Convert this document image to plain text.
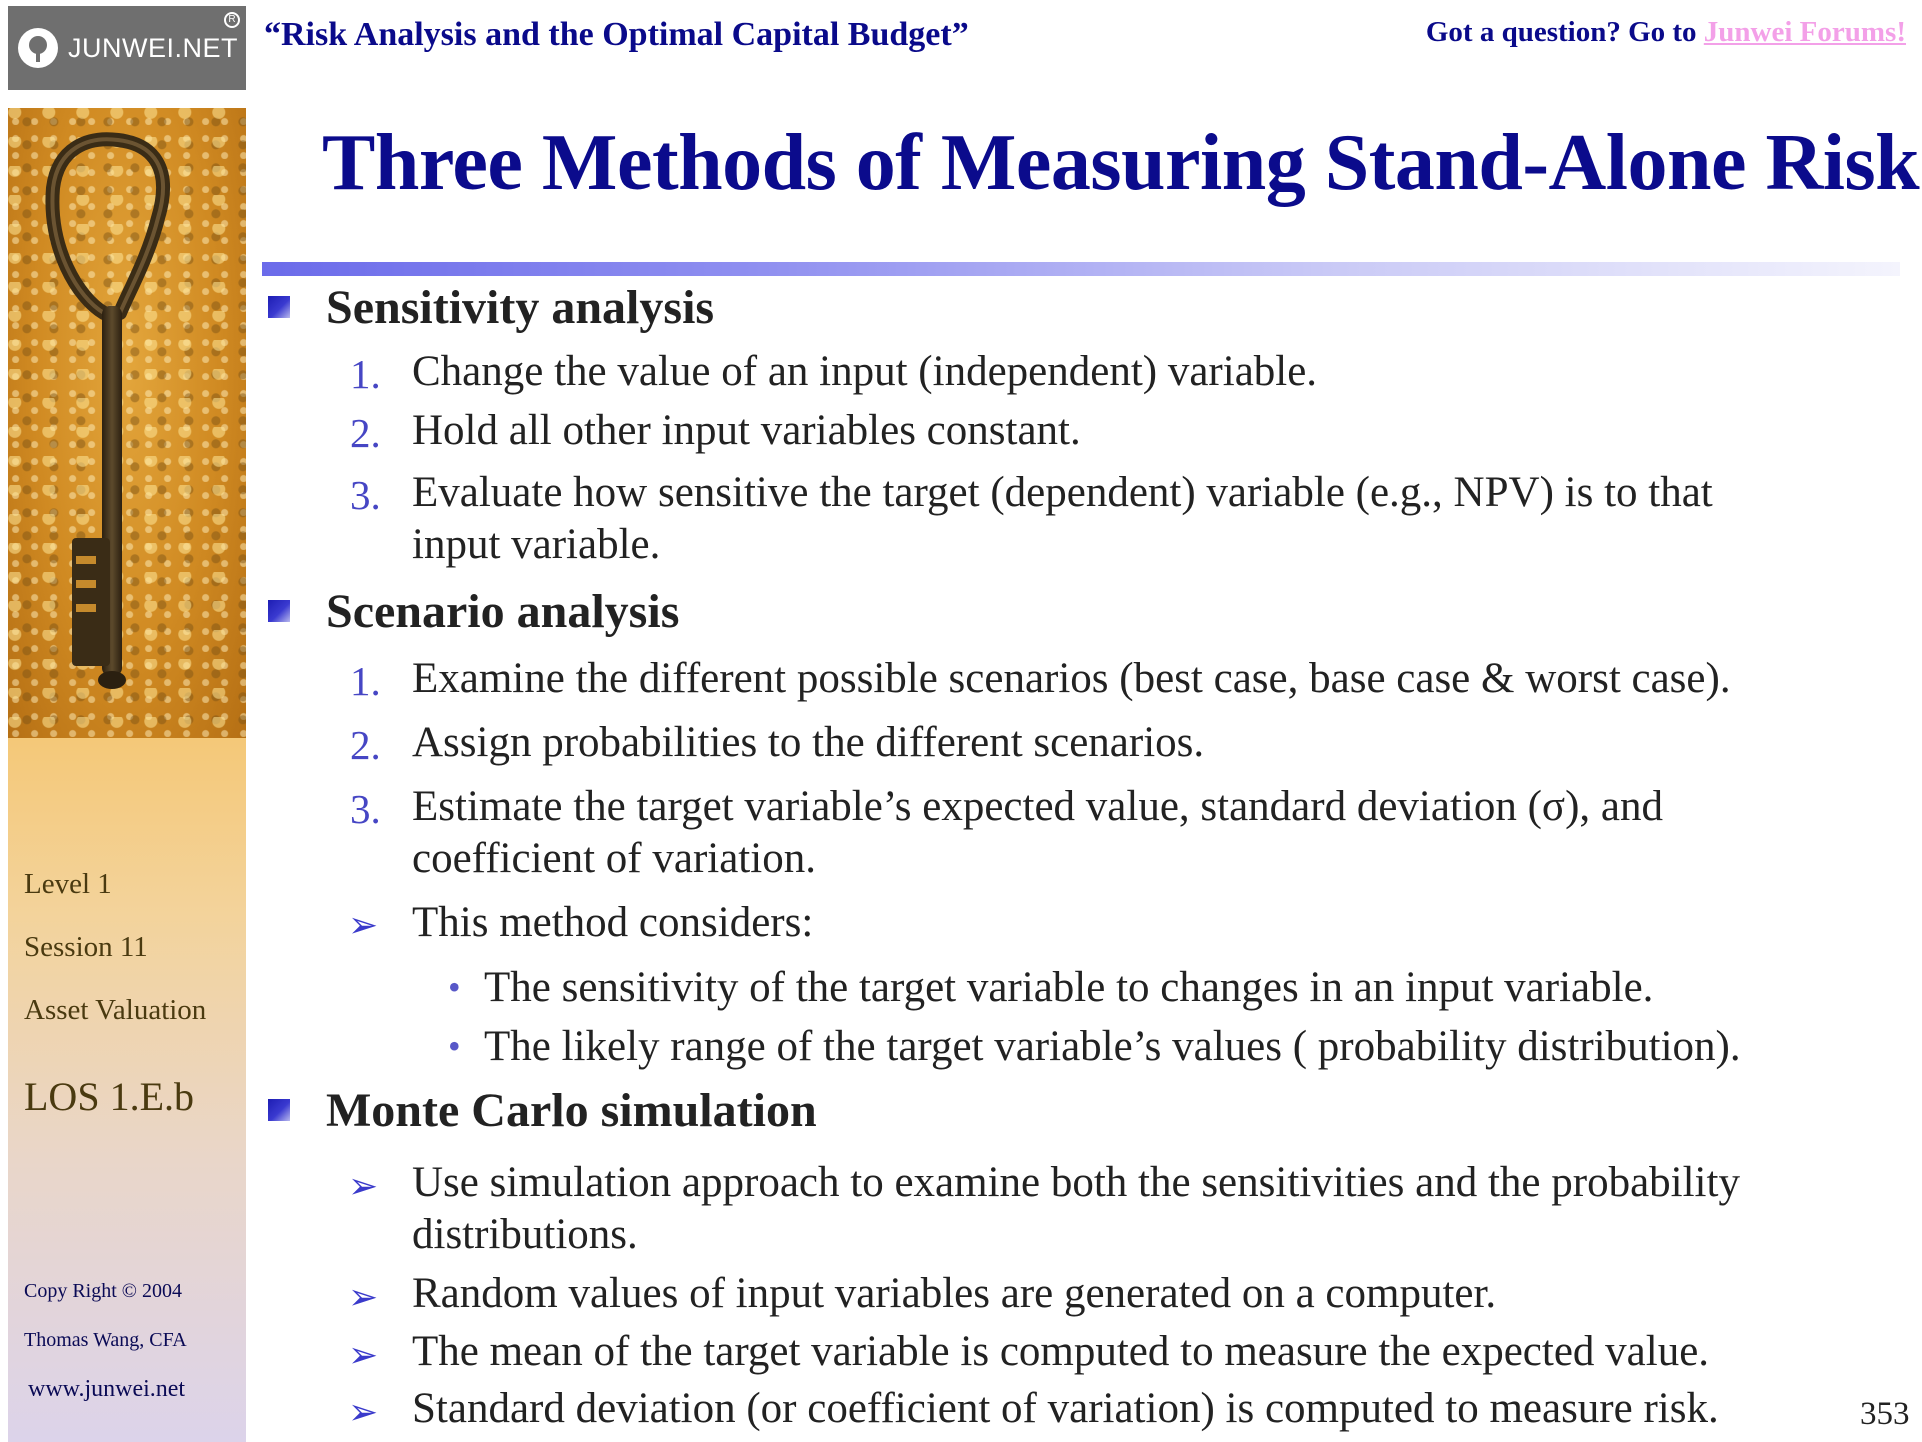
JUNWEI.NET
R
Level 1
Session 11
Asset Valuation
LOS 1.E.b
Copy Right © 2004
Thomas Wang, CFA
www.junwei.net
“Risk Analysis and the Optimal Capital Budget”	Got a question? Go to Junwei Forums!
Three Methods of Measuring Stand-Alone Risk
Sensitivity analysis
1. Change the value of an input (independent) variable.
2. Hold all other input variables constant.
3. Evaluate how sensitive the target (dependent) variable (e.g., NPV) is to that
input variable.
Scenario analysis
1. Examine the different possible scenarios (best case, base case & worst case).
2. Assign probabilities to the different scenarios.
3. Estimate the target variable’s expected value, standard deviation (σ), and
coefficient of variation.
➢ This method considers:
• The sensitivity of the target variable to changes in an input variable.
• The likely range of the target variable’s values ( probability distribution).
Monte Carlo simulation
➢ Use simulation approach to examine both the sensitivities and the probability
distributions.
➢ Random values of input variables are generated on a computer.
➢ The mean of the target variable is computed to measure the expected value.
➢ Standard deviation (or coefficient of variation) is computed to measure risk.	353
